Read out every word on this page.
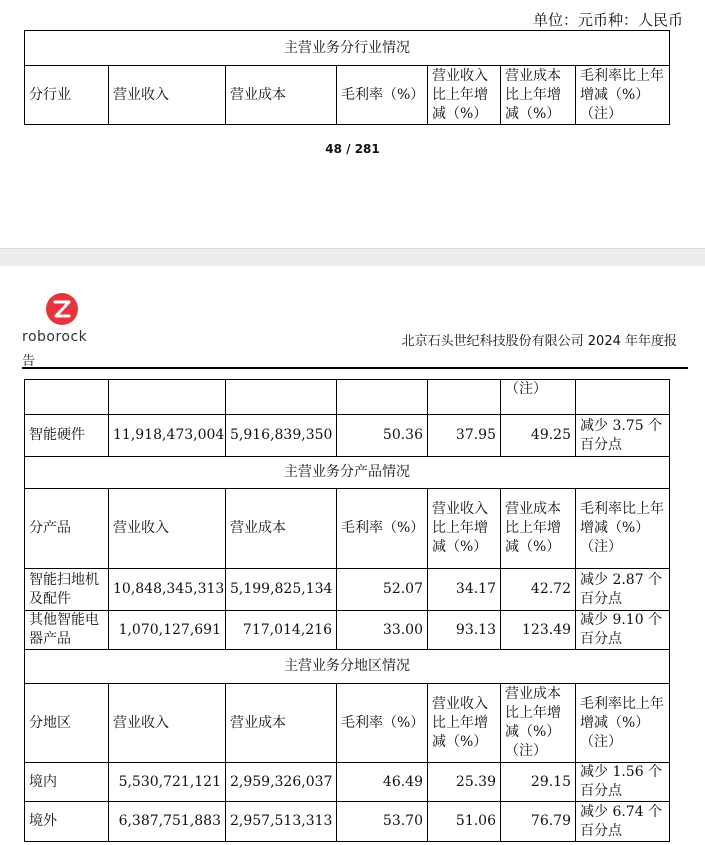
单位：元币种：人民币
主营业务分行业情况
分行业	营业收入	营业成本	毛利率（%）	营业收入比上年增减（%）	营业成本比上年增减（%）	毛利率比上年增减（%）（注）
48 / 281
roborock	北京石头世纪科技股份有限公司 2024 年年度报
告
					（注）	
智能硬件	11,918,473,004	5,916,839,350	50.36	37.95	49.25	减少 3.75 个百分点
主营业务分产品情况						
分产品	营业收入	营业成本	毛利率（%）	营业收入比上年增减（%）	营业成本比上年增减（%）	毛利率比上年增减（%）（注）
智能扫地机及配件	10,848,345,313	5,199,825,134	52.07	34.17	42.72	减少 2.87 个百分点
其他智能电器产品	1,070,127,691	717,014,216	33.00	93.13	123.49	减少 9.10 个百分点
主营业务分地区情况						
分地区	营业收入	营业成本	毛利率（%）	营业收入比上年增减（%）	营业成本比上年增减（%）（注）	毛利率比上年增减（%）（注）
境内	5,530,721,121	2,959,326,037	46.49	25.39	29.15	减少 1.56 个百分点
境外	6,387,751,883	2,957,513,313	53.70	51.06	76.79	减少 6.74 个百分点
